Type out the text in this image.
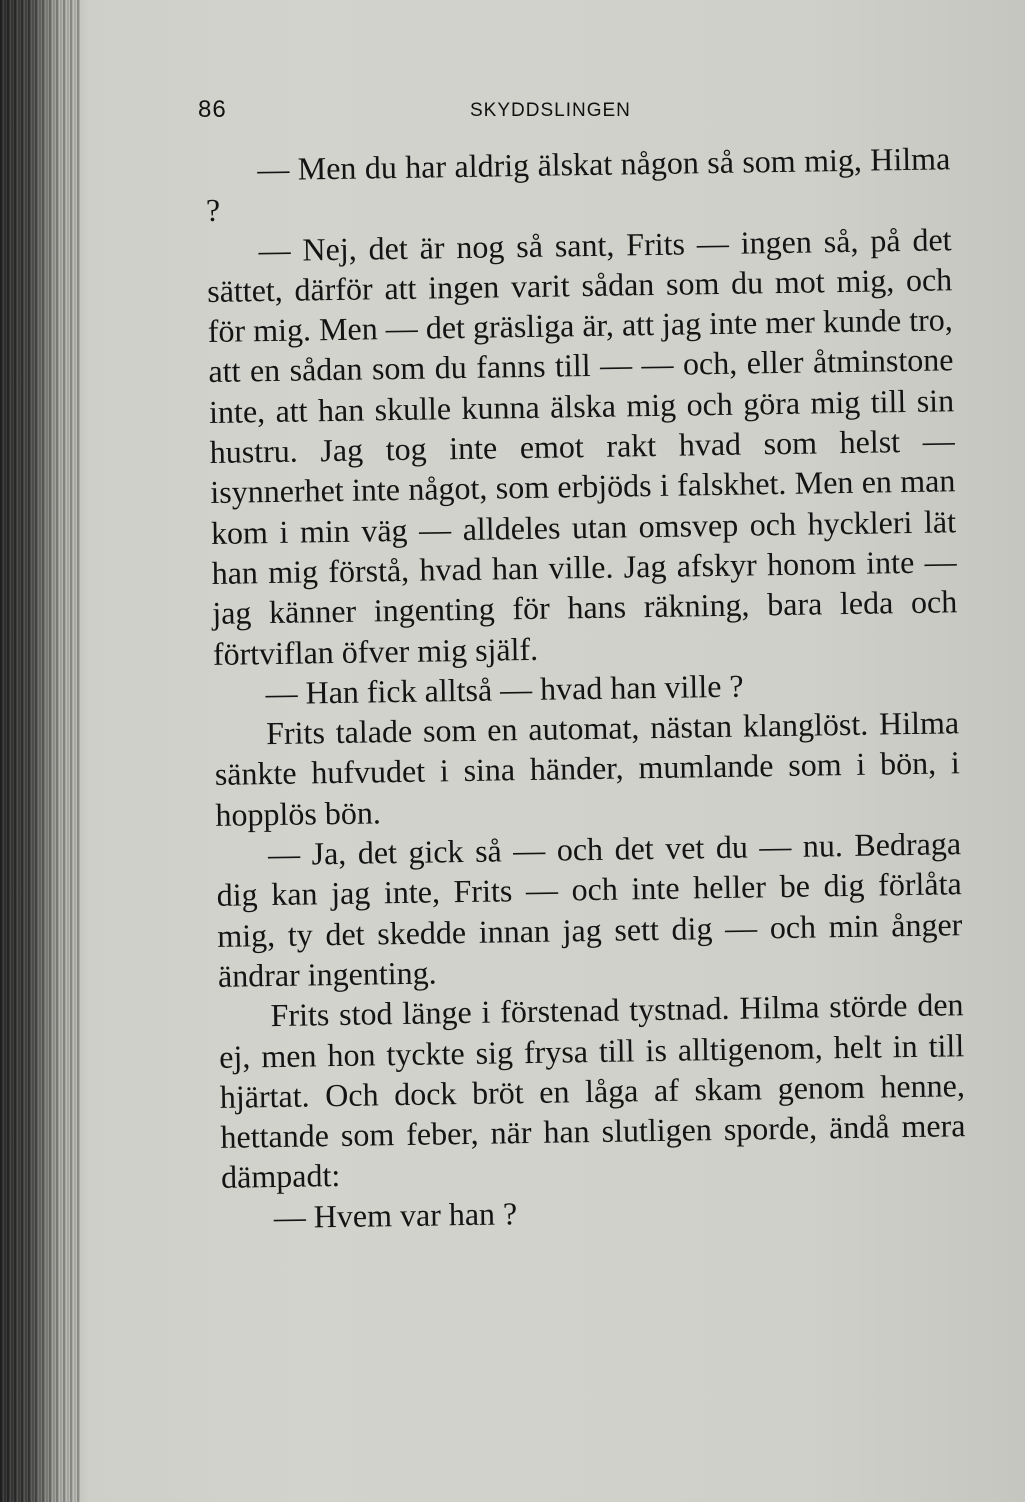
86	SKYDDSLINGEN

— Men du har aldrig älskat någon så som mig, Hilma ?

— Nej, det är nog så sant, Frits — ingen så, på det sättet, därför att ingen varit sådan som du mot mig, och för mig. Men — det gräsliga är, att jag inte mer kunde tro, att en sådan som du fanns till — — och, eller åtminstone inte, att han skulle kunna älska mig och göra mig till sin hustru. Jag tog inte emot rakt hvad som helst — isynnerhet inte något, som erbjöds i falskhet. Men en man kom i min väg — alldeles utan omsvep och hyckleri lät han mig förstå, hvad han ville. Jag afskyr honom inte — jag känner ingenting för hans räkning, bara leda och förtviflan öfver mig själf.

— Han fick alltså — hvad han ville ?

Frits talade som en automat, nästan klanglöst. Hilma sänkte hufvudet i sina händer, mumlande som i bön, i hopplös bön.

— Ja, det gick så — och det vet du — nu. Bedraga dig kan jag inte, Frits — och inte heller be dig förlåta mig, ty det skedde innan jag sett dig — och min ånger ändrar ingenting.

Frits stod länge i förstenad tystnad. Hilma störde den ej, men hon tyckte sig frysa till is alltigenom, helt in till hjärtat. Och dock bröt en låga af skam genom henne, hettande som feber, när han slutligen sporde, ändå mera dämpadt:

— Hvem var han ?
